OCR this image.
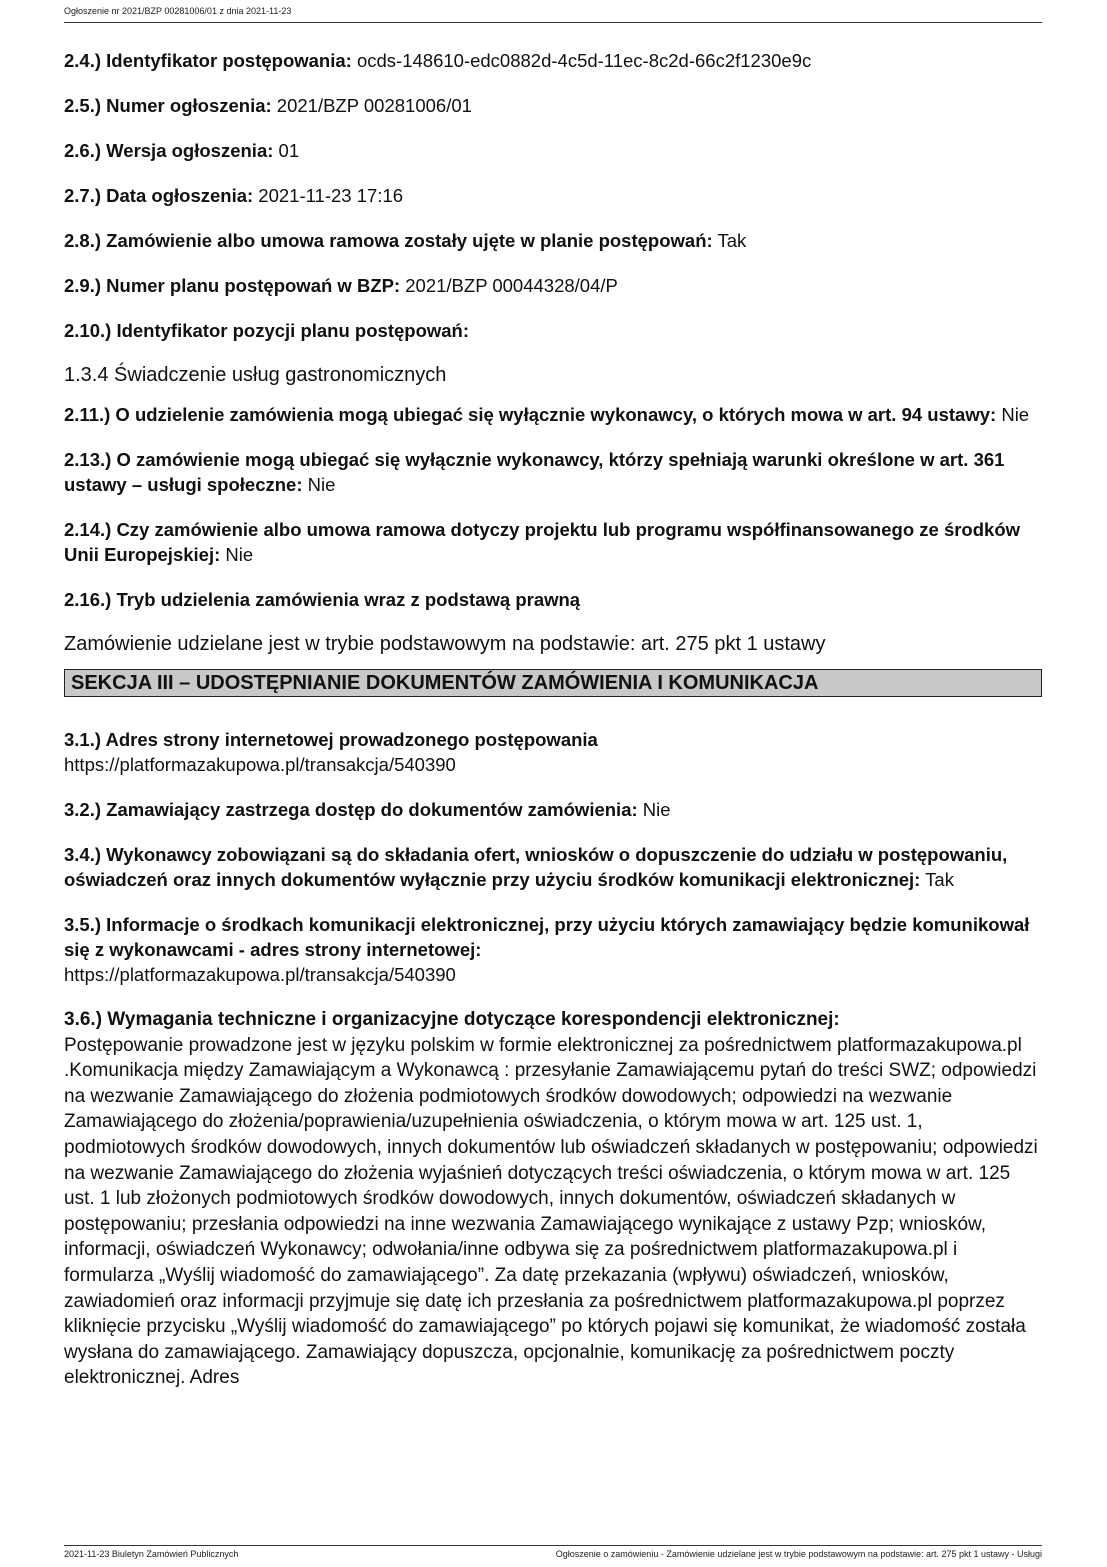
Ogłoszenie nr 2021/BZP 00281006/01 z dnia 2021-11-23

2.4.) Identyfikator postępowania: ocds-148610-edc0882d-4c5d-11ec-8c2d-66c2f1230e9c

2.5.) Numer ogłoszenia: 2021/BZP 00281006/01

2.6.) Wersja ogłoszenia: 01

2.7.) Data ogłoszenia: 2021-11-23 17:16

2.8.) Zamówienie albo umowa ramowa zostały ujęte w planie postępowań: Tak

2.9.) Numer planu postępowań w BZP: 2021/BZP 00044328/04/P

2.10.) Identyfikator pozycji planu postępowań:

1.3.4 Świadczenie usług gastronomicznych

2.11.) O udzielenie zamówienia mogą ubiegać się wyłącznie wykonawcy, o których mowa w art. 94 ustawy: Nie

2.13.) O zamówienie mogą ubiegać się wyłącznie wykonawcy, którzy spełniają warunki określone w art. 361 ustawy – usługi społeczne: Nie

2.14.) Czy zamówienie albo umowa ramowa dotyczy projektu lub programu współfinansowanego ze środków Unii Europejskiej: Nie

2.16.) Tryb udzielenia zamówienia wraz z podstawą prawną

Zamówienie udzielane jest w trybie podstawowym na podstawie: art. 275 pkt 1 ustawy

SEKCJA III – UDOSTĘPNIANIE DOKUMENTÓW ZAMÓWIENIA I KOMUNIKACJA

3.1.) Adres strony internetowej prowadzonego postępowania
https://platformazakupowa.pl/transakcja/540390

3.2.) Zamawiający zastrzega dostęp do dokumentów zamówienia: Nie

3.4.) Wykonawcy zobowiązani są do składania ofert, wniosków o dopuszczenie do udziału w postępowaniu, oświadczeń oraz innych dokumentów wyłącznie przy użyciu środków komunikacji elektronicznej: Tak

3.5.) Informacje o środkach komunikacji elektronicznej, przy użyciu których zamawiający będzie komunikował się z wykonawcami - adres strony internetowej:
https://platformazakupowa.pl/transakcja/540390

3.6.) Wymagania techniczne i organizacyjne dotyczące korespondencji elektronicznej:
Postępowanie prowadzone jest w języku polskim w formie elektronicznej za pośrednictwem platformazakupowa.pl .Komunikacja między Zamawiającym a Wykonawcą : przesyłanie Zamawiającemu pytań do treści SWZ; odpowiedzi na wezwanie Zamawiającego do złożenia podmiotowych środków dowodowych; odpowiedzi na wezwanie Zamawiającego do złożenia/poprawienia/uzupełnienia oświadczenia, o którym mowa w art. 125 ust. 1, podmiotowych środków dowodowych, innych dokumentów lub oświadczeń składanych w postępowaniu; odpowiedzi na wezwanie Zamawiającego do złożenia wyjaśnień dotyczących treści oświadczenia, o którym mowa w art. 125 ust. 1 lub złożonych podmiotowych środków dowodowych, innych dokumentów, oświadczeń składanych w postępowaniu; przesłania odpowiedzi na inne wezwania Zamawiającego wynikające z ustawy Pzp; wniosków, informacji, oświadczeń Wykonawcy; odwołania/inne odbywa się za pośrednictwem platformazakupowa.pl i formularza „Wyślij wiadomość do zamawiającego”. Za datę przekazania (wpływu) oświadczeń, wniosków, zawiadomień oraz informacji przyjmuje się datę ich przesłania za pośrednictwem platformazakupowa.pl poprzez kliknięcie przycisku „Wyślij wiadomość do zamawiającego” po których pojawi się komunikat, że wiadomość została wysłana do zamawiającego. Zamawiający dopuszcza, opcjonalnie, komunikację za pośrednictwem poczty elektronicznej. Adres

2021-11-23 Biuletyn Zamówień Publicznych	Ogłoszenie o zamówieniu - Zamówienie udzielane jest w trybie podstawowym na podstawie: art. 275 pkt 1 ustawy - Usługi
